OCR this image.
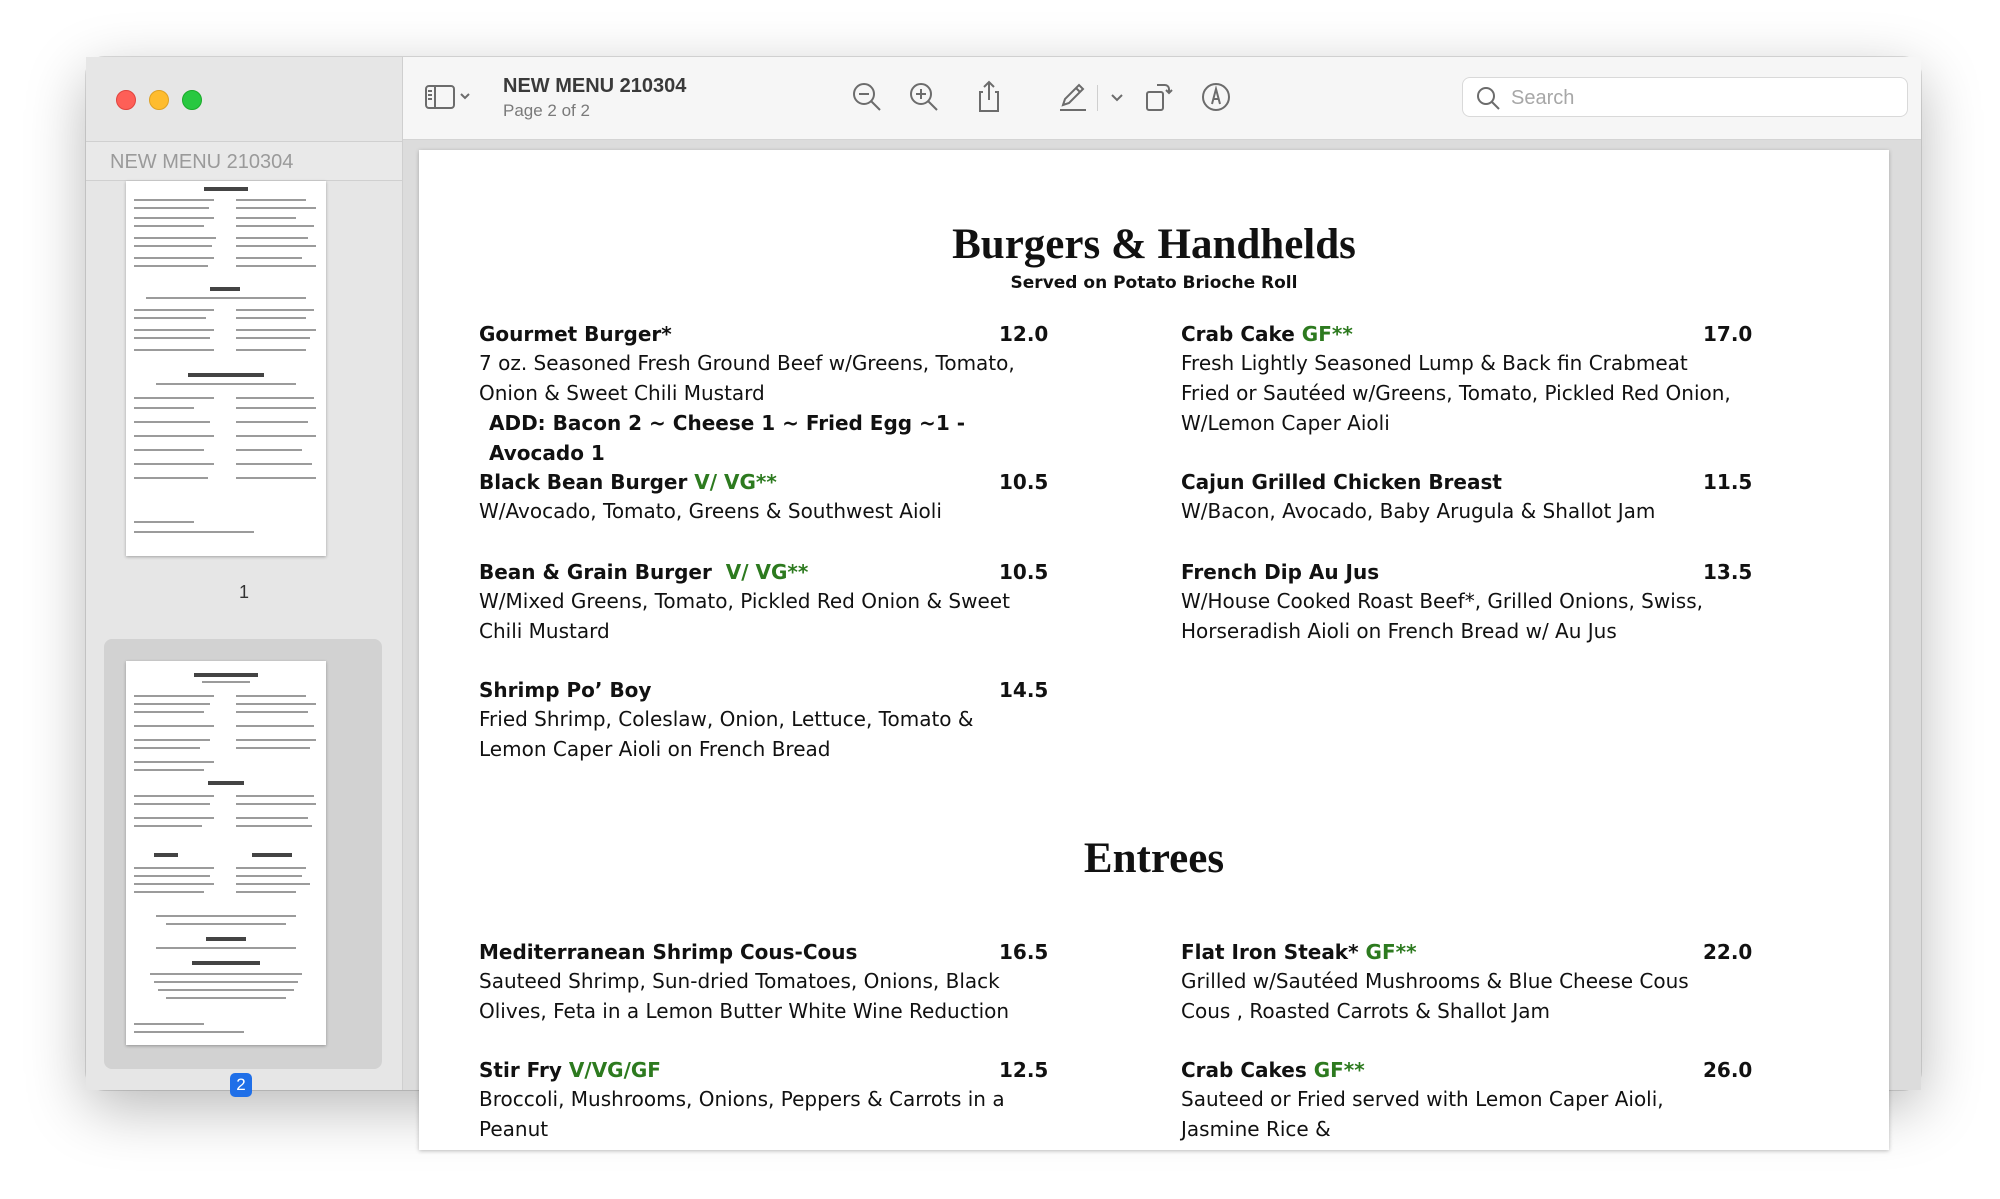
NEW MENU 210304
1
2
NEW MENU 210304
Page 2 of 2
Search
Burgers & Handhelds
Served on Potato Brioche Roll
Gourmet Burger*	12.0
7 oz. Seasoned Fresh Ground Beef w/Greens, Tomato, Onion & Sweet Chili Mustard
ADD: Bacon 2 ~ Cheese 1 ~ Fried Egg ~1 - Avocado 1
Black Bean Burger V/ VG**	10.5
W/Avocado, Tomato, Greens & Southwest Aioli
Bean & Grain Burger V/ VG**	10.5
W/Mixed Greens, Tomato, Pickled Red Onion & Sweet Chili Mustard
Shrimp Po’ Boy	14.5
Fried Shrimp, Coleslaw, Onion, Lettuce, Tomato & Lemon Caper Aioli on French Bread
Crab Cake GF**	17.0
Fresh Lightly Seasoned Lump & Back fin Crabmeat Fried or Sautéed w/Greens, Tomato, Pickled Red Onion, W/Lemon Caper Aioli
Cajun Grilled Chicken Breast	11.5
W/Bacon, Avocado, Baby Arugula & Shallot Jam
French Dip Au Jus	13.5
W/House Cooked Roast Beef*, Grilled Onions, Swiss, Horseradish Aioli on French Bread w/ Au Jus
Entrees
Mediterranean Shrimp Cous-Cous	16.5
Sauteed Shrimp, Sun-dried Tomatoes, Onions, Black Olives, Feta in a Lemon Butter White Wine Reduction
Stir Fry V/VG/GF	12.5
Broccoli, Mushrooms, Onions, Peppers & Carrots in a Peanut
Flat Iron Steak* GF**	22.0
Grilled w/Sautéed Mushrooms & Blue Cheese Cous Cous , Roasted Carrots & Shallot Jam
Crab Cakes GF**	26.0
Sauteed or Fried served with Lemon Caper Aioli, Jasmine Rice &
